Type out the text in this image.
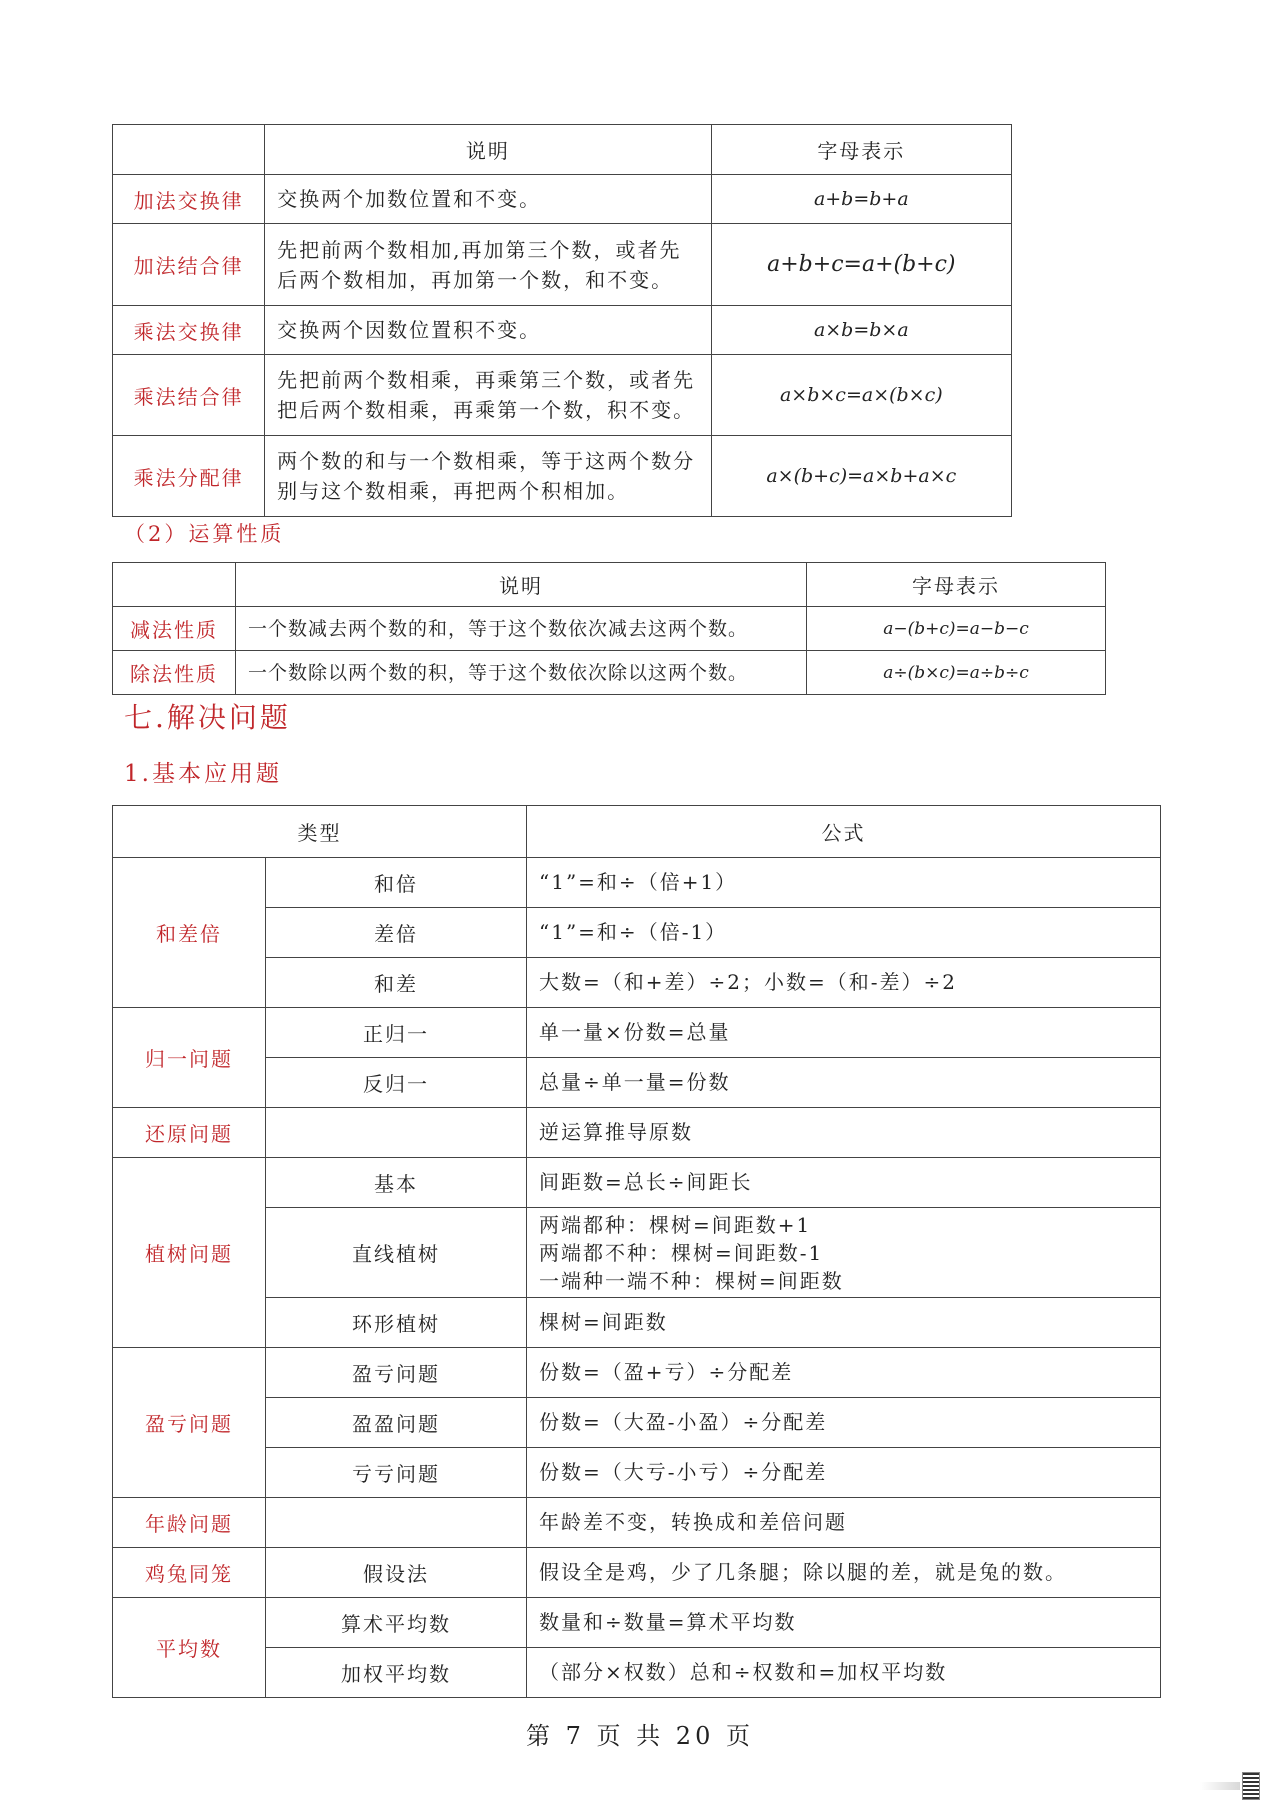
	说明	字母表示
加法交换律	交换两个加数位置和不变。	a+b=b+a
加法结合律	先把前两个数相加,再加第三个数，或者先后两个数相加，再加第一个数，和不变。	a+b+c=a+(b+c)
乘法交换律	交换两个因数位置积不变。	a×b=b×a
乘法结合律	先把前两个数相乘，再乘第三个数，或者先把后两个数相乘，再乘第一个数，积不变。	a×b×c=a×(b×c)
乘法分配律	两个数的和与一个数相乘，等于这两个数分别与这个数相乘，再把两个积相加。	a×(b+c)=a×b+a×c
（2）运算性质
	说明	字母表示
减法性质	一个数减去两个数的和，等于这个数依次减去这两个数。	a−(b+c)=a−b−c
除法性质	一个数除以两个数的积，等于这个数依次除以这两个数。	a÷(b×c)=a÷b÷c
七.解决问题
1.基本应用题
类型		公式
和差倍	和倍	“1”=和÷（倍+1）
	差倍	“1”=和÷（倍-1）
	和差	大数=（和+差）÷2；小数=（和-差）÷2
归一问题	正归一	单一量×份数=总量
	反归一	总量÷单一量=份数
还原问题		逆运算推导原数
植树问题	基本	间距数=总长÷间距长
	直线植树	两端都种：棵树=间距数+1
两端都不种：棵树=间距数-1
一端种一端不种：棵树=间距数

	环形植树	棵树=间距数
盈亏问题	盈亏问题	份数=（盈+亏）÷分配差
	盈盈问题	份数=（大盈-小盈）÷分配差
	亏亏问题	份数=（大亏-小亏）÷分配差
年龄问题		年龄差不变，转换成和差倍问题
鸡兔同笼	假设法	假设全是鸡，少了几条腿；除以腿的差，就是兔的数。
平均数	算术平均数	数量和÷数量=算术平均数
	加权平均数	（部分×权数）总和÷权数和=加权平均数
第 7 页 共 20 页
